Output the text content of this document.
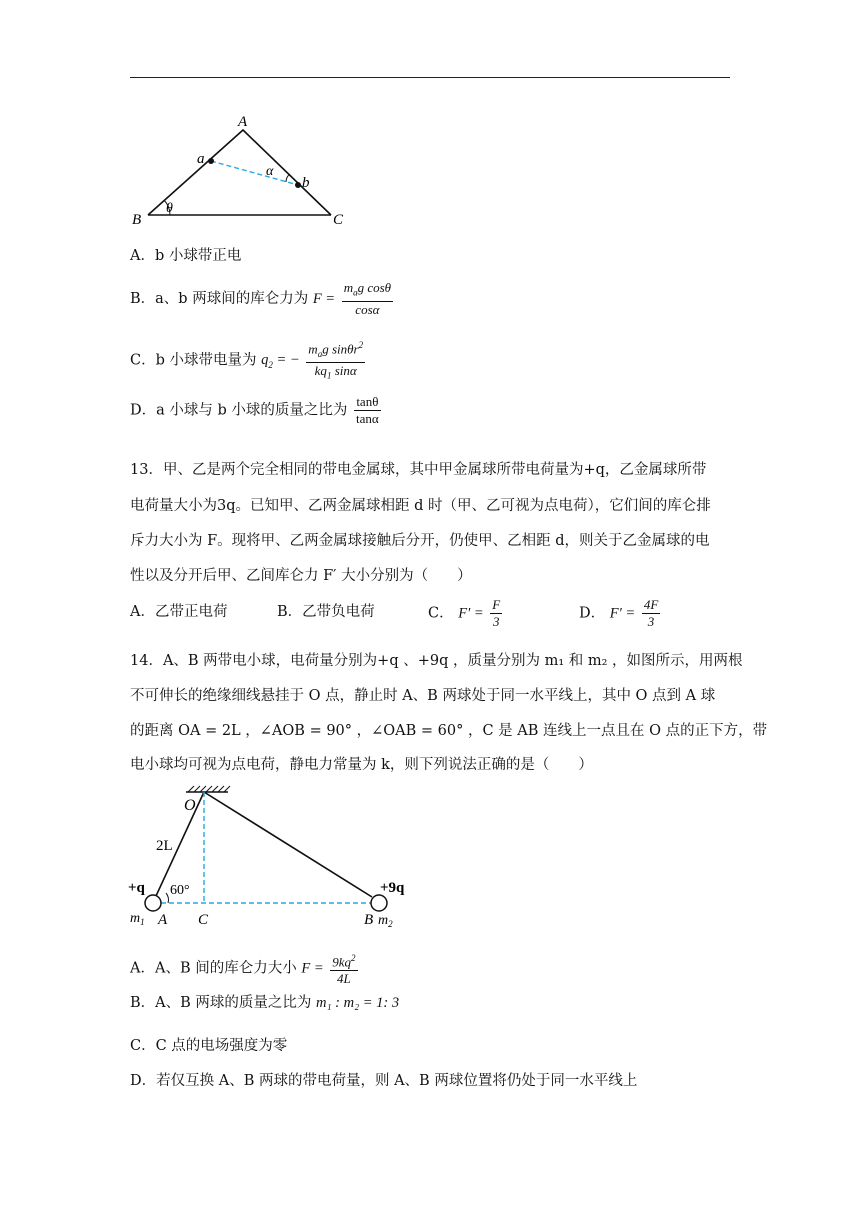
A
a
α
b
B
θ
C
A．b 小球带正电
B．a、b 两球间的库仑力为 $F = \frac{m_ag \cos\theta}{\cos\alpha}$
C．b 小球带电量为 $q_2$ = − $\frac{m_ag \sin\theta r^2}{kq_1 \sin\alpha}$
D．a 小球与 b 小球的质量之比为 $\frac{\tan\theta}{\tan\alpha}$
13．甲、乙是两个完全相同的带电金属球，其中甲金属球所带电荷量为+q，乙金属球所带
电荷量大小为3q。已知甲、乙两金属球相距 d 时（甲、乙可视为点电荷），它们间的库仑排
斥力大小为 F。现将甲、乙两金属球接触后分开，仍使甲、乙相距 d，则关于乙金属球的电
性以及分开后甲、乙间库仑力 F′ 大小分别为（　　）
A．乙带正电荷	B．乙带负电荷	C． $F' = \frac{F}{3}$	D． $F' = \frac{4F}{3}$
14．A、B 两带电小球，电荷量分别为+q 、+9q ，质量分别为 m₁ 和 m₂ ，如图所示，用两根
不可伸长的绝缘细线悬挂于 O 点，静止时 A、B 两球处于同一水平线上，其中 O 点到 A 球
的距离 OA = 2L ，∠AOB = 90° ，∠OAB = 60° ，C 是 AB 连线上一点且在 O 点的正下方，带
电小球均可视为点电荷，静电力常量为 k，则下列说法正确的是（　　）
O
2L
+q 60°	+9q
$m_1$ A C	B $m_2$
A．A、B 间的库仑力大小 $F = \frac{9kq^2}{4L}$
B．A、B 两球的质量之比为 m₁ : m₂ = 1: 3
C．C 点的电场强度为零
D．若仅互换 A、B 两球的带电荷量，则 A、B 两球位置将仍处于同一水平线上
